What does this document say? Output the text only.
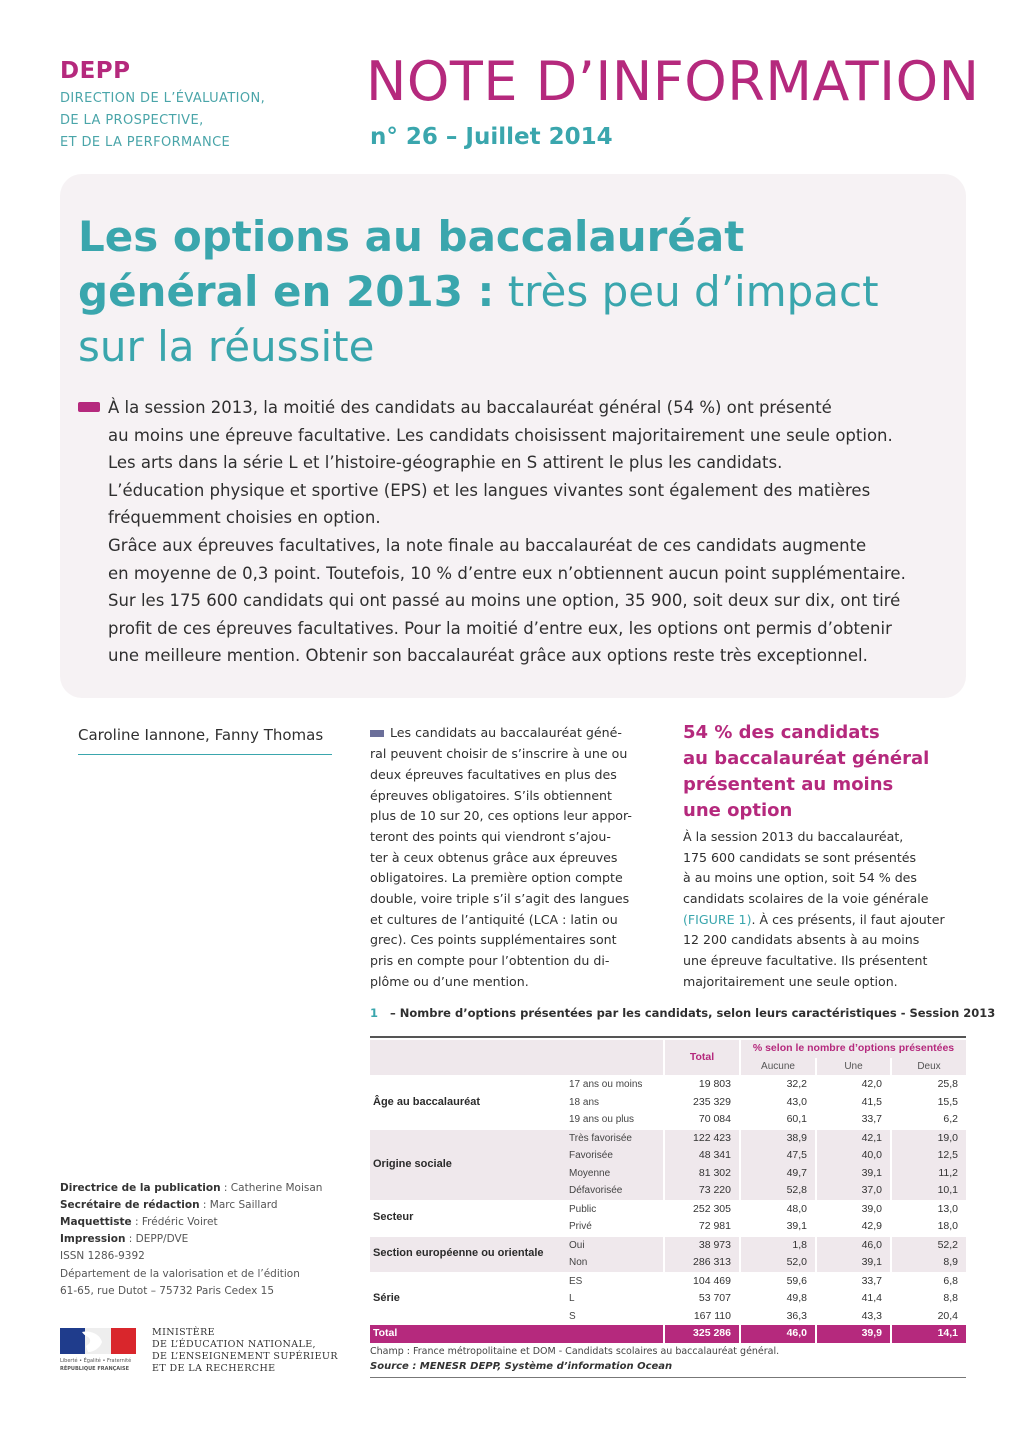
DEPP
DIRECTION DE L’ÉVALUATION,
DE LA PROSPECTIVE,
ET DE LA PERFORMANCE
NOTE D’INFORMATION
n° 26 – Juillet 2014
Les options au baccalauréat
général en 2013 : très peu d’impact
sur la réussite
À la session 2013, la moitié des candidats au baccalauréat général (54 %) ont présenté
au moins une épreuve facultative. Les candidats choisissent majoritairement une seule option.
Les arts dans la série L et l’histoire-géographie en S attirent le plus les candidats.
L’éducation physique et sportive (EPS) et les langues vivantes sont également des matières
fréquemment choisies en option.
Grâce aux épreuves facultatives, la note finale au baccalauréat de ces candidats augmente
en moyenne de 0,3 point. Toutefois, 10 % d’entre eux n’obtiennent aucun point supplémentaire.
Sur les 175 600 candidats qui ont passé au moins une option, 35 900, soit deux sur dix, ont tiré
profit de ces épreuves facultatives. Pour la moitié d’entre eux, les options ont permis d’obtenir
une meilleure mention. Obtenir son baccalauréat grâce aux options reste très exceptionnel.
Caroline Iannone, Fanny Thomas	Les candidats au baccalauréat géné-
ral peuvent choisir de s’inscrire à une ou
deux épreuves facultatives en plus des
épreuves obligatoires. S’ils obtiennent
plus de 10 sur 20, ces options leur appor-
teront des points qui viendront s’ajou-
ter à ceux obtenus grâce aux épreuves
obligatoires. La première option compte
double, voire triple s’il s’agit des langues
et cultures de l’antiquité (LCA : latin ou
grec). Ces points supplémentaires sont
pris en compte pour l’obtention du di-
plôme ou d’une mention.
54 % des candidats
au baccalauréat général
présentent au moins
une option
À la session 2013 du baccalauréat,
175 600 candidats se sont présentés
à au moins une option, soit 54 % des
candidats scolaires de la voie générale
(FIGURE 1). À ces présents, il faut ajouter
12 200 candidats absents à au moins
une épreuve facultative. Ils présentent
majoritairement une seule option.
1 – Nombre d’options présentées par les candidats, selon leurs caractéristiques - Session 2013
		Total	% selon le nombre d’options présentées		
			Aucune	Une	Deux
Âge au baccalauréat	17 ans ou moins	19 803	32,2	42,0	25,8
	18 ans	235 329	43,0	41,5	15,5
	19 ans ou plus	70 084	60,1	33,7	6,2
Origine sociale	Très favorisée	122 423	38,9	42,1	19,0
	Favorisée	48 341	47,5	40,0	12,5
	Moyenne	81 302	49,7	39,1	11,2
	Défavorisée	73 220	52,8	37,0	10,1
Secteur	Public	252 305	48,0	39,0	13,0
	Privé	72 981	39,1	42,9	18,0
Section européenne ou orientale	Oui	38 973	1,8	46,0	52,2
	Non	286 313	52,0	39,1	8,9
Série	ES	104 469	59,6	33,7	6,8
	L	53 707	49,8	41,4	8,8
	S	167 110	36,3	43,3	20,4
Total		325 286	46,0	39,9	14,1
Champ : France métropolitaine et DOM - Candidats scolaires au baccalauréat général.
Source : MENESR DEPP, Système d’information Ocean
Directrice de la publication : Catherine Moisan
Secrétaire de rédaction : Marc Saillard
Maquettiste : Frédéric Voiret
Impression : DEPP/DVE
ISSN 1286-9392
Département de la valorisation et de l’édition
61-65, rue Dutot – 75732 Paris Cedex 15
Liberté • Égalité • Fraternité
RÉPUBLIQUE FRANÇAISE
MINISTÈRE
DE L’ÉDUCATION NATIONALE,
DE L’ENSEIGNEMENT SUPÉRIEUR
ET DE LA RECHERCHE
